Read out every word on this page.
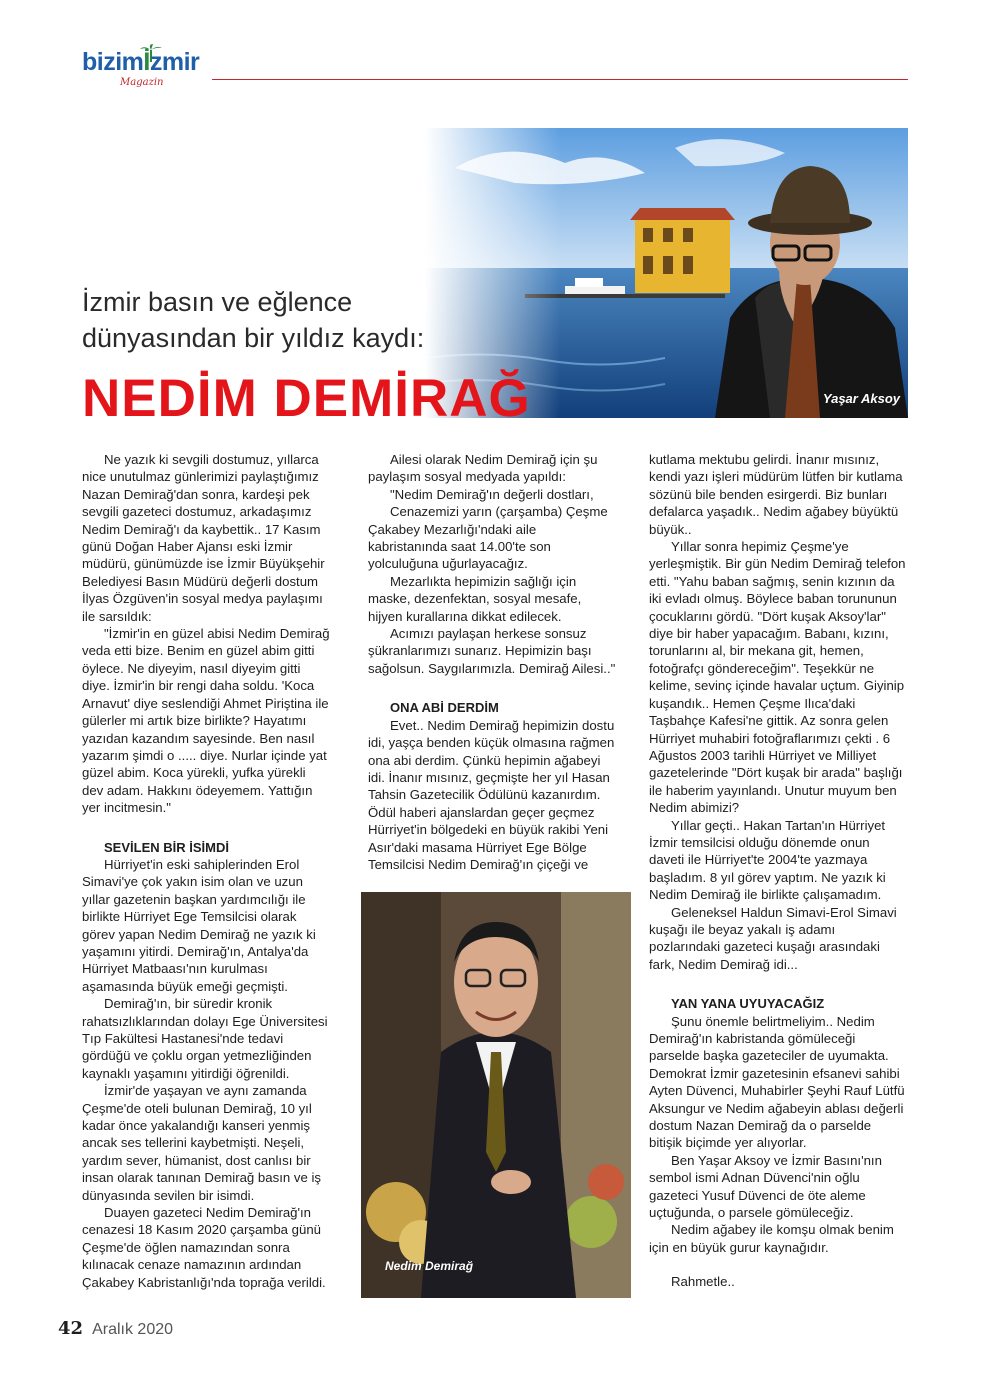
bizimİzmir
Magazin
Yaşar Aksoy
İzmir basın ve eğlence dünyasından bir yıldız kaydı:
NEDİM DEMİRAĞ

Ne yazık ki sevgili dostumuz, yıllarca nice unutulmaz günlerimizi paylaştığımız Nazan Demirağ'dan sonra, kardeşi pek sevgili gazeteci dostumuz, arkadaşımız Nedim Demirağ'ı da kaybettik.. 17 Kasım günü Doğan Haber Ajansı eski İzmir müdürü, günümüzde ise İzmir Büyükşehir Belediyesi Basın Müdürü değerli dostum İlyas Özgüven'in sosyal medya paylaşımı ile sarsıldık:

"İzmir'in en güzel abisi Nedim Demirağ veda etti bize. Benim en güzel abim gitti öylece. Ne diyeyim, nasıl diyeyim gitti diye. İzmir'in bir rengi daha soldu. 'Koca Arnavut' diye seslendiği Ahmet Piriştina ile gülerler mi artık bize birlikte? Hayatımı yazıdan kazandım sayesinde. Ben nasıl yazarım şimdi o ..... diye. Nurlar içinde yat güzel abim. Koca yürekli, yufka yürekli dev adam. Hakkını ödeyemem. Yattığın yer incitmesin."

SEVİLEN BİR İSİMDİ

Hürriyet'in eski sahiplerinden Erol Simavi'ye çok yakın isim olan ve uzun yıllar gazetenin başkan yardımcılığı ile birlikte Hürriyet Ege Temsilcisi olarak görev yapan Nedim Demirağ ne yazık ki yaşamını yitirdi. Demirağ'ın, Antalya'da Hürriyet Matbaası'nın kurulması aşamasında büyük emeği geçmişti.

Demirağ'ın, bir süredir kronik rahatsızlıklarından dolayı Ege Üniversitesi Tıp Fakültesi Hastanesi'nde tedavi gördüğü ve çoklu organ yetmezliğinden kaynaklı yaşamını yitirdiği öğrenildi.

İzmir'de yaşayan ve aynı zamanda Çeşme'de oteli bulunan Demirağ, 10 yıl kadar önce yakalandığı kanseri yenmiş ancak ses tellerini kaybetmişti. Neşeli, yardım sever, hümanist, dost canlısı bir insan olarak tanınan Demirağ basın ve iş dünyasında sevilen bir isimdi.

Duayen gazeteci Nedim Demirağ'ın cenazesi 18 Kasım 2020 çarşamba günü Çeşme'de öğlen namazından sonra kılınacak cenaze namazının ardından Çakabey Kabristanlığı'nda toprağa verildi.

Ailesi olarak Nedim Demirağ için şu paylaşım sosyal medyada yapıldı:

"Nedim Demirağ'ın değerli dostları,

Cenazemizi yarın (çarşamba) Çeşme Çakabey Mezarlığı'ndaki aile kabristanında saat 14.00'te son yolculuğuna uğurlayacağız.

Mezarlıkta hepimizin sağlığı için maske, dezenfektan, sosyal mesafe, hijyen kurallarına dikkat edilecek.

Acımızı paylaşan herkese sonsuz şükranlarımızı sunarız. Hepimizin başı sağolsun. Saygılarımızla. Demirağ Ailesi.."

ONA ABİ DERDİM

Evet.. Nedim Demirağ hepimizin dostu idi, yaşça benden küçük olmasına rağmen ona abi derdim. Çünkü hepimin ağabeyi idi. İnanır mısınız, geçmişte her yıl Hasan Tahsin Gazetecilik Ödülünü kazanırdım. Ödül haberi ajanslardan geçer geçmez Hürriyet'in bölgedeki en büyük rakibi Yeni Asır'daki masama Hürriyet Ege Bölge Temsilcisi Nedim Demirağ'ın çiçeği ve

Nedim Demirağ

kutlama mektubu gelirdi. İnanır mısınız, kendi yazı işleri müdürüm lütfen bir kutlama sözünü bile benden esirgerdi. Biz bunları defalarca yaşadık.. Nedim ağabey büyüktü büyük..

Yıllar sonra hepimiz Çeşme'ye yerleşmiştik. Bir gün Nedim Demirağ telefon etti. "Yahu baban sağmış, senin kızının da iki evladı olmuş. Böylece baban torununun çocuklarını gördü. "Dört kuşak Aksoy'lar" diye bir haber yapacağım. Babanı, kızını, torunlarını al, bir mekana git, hemen, fotoğrafçı göndereceğim". Teşekkür ne kelime, sevinç içinde havalar uçtum. Giyinip kuşandık.. Hemen Çeşme Ilıca'daki Taşbahçe Kafesi'ne gittik. Az sonra gelen Hürriyet muhabiri fotoğraflarımızı çekti . 6 Ağustos 2003 tarihli Hürriyet ve Milliyet gazetelerinde "Dört kuşak bir arada" başlığı ile haberim yayınlandı. Unutur muyum ben Nedim abimizi?

Yıllar geçti.. Hakan Tartan'ın Hürriyet İzmir temsilcisi olduğu dönemde onun daveti ile Hürriyet'te 2004'te yazmaya başladım. 8 yıl görev yaptım. Ne yazık ki Nedim Demirağ ile birlikte çalışamadım.

Geleneksel Haldun Simavi-Erol Simavi kuşağı ile beyaz yakalı iş adamı pozlarındaki gazeteci kuşağı arasındaki fark, Nedim Demirağ idi...

YAN YANA UYUYACAĞIZ

Şunu önemle belirtmeliyim.. Nedim Demirağ'ın kabristanda gömüleceği parselde başka gazeteciler de uyumakta. Demokrat İzmir gazetesinin efsanevi sahibi Ayten Düvenci, Muhabirler Şeyhi Rauf Lütfü Aksungur ve Nedim ağabeyin ablası değerli dostum Nazan Demirağ da o parselde bitişik biçimde yer alıyorlar.

Ben Yaşar Aksoy ve İzmir Basını'nın sembol ismi Adnan Düvenci'nin oğlu gazeteci Yusuf Düvenci de öte aleme uçtuğunda, o parsele gömüleceğiz.

Nedim ağabey ile komşu olmak benim için en büyük gurur kaynağıdır.

Rahmetle..

42 Aralık 2020
